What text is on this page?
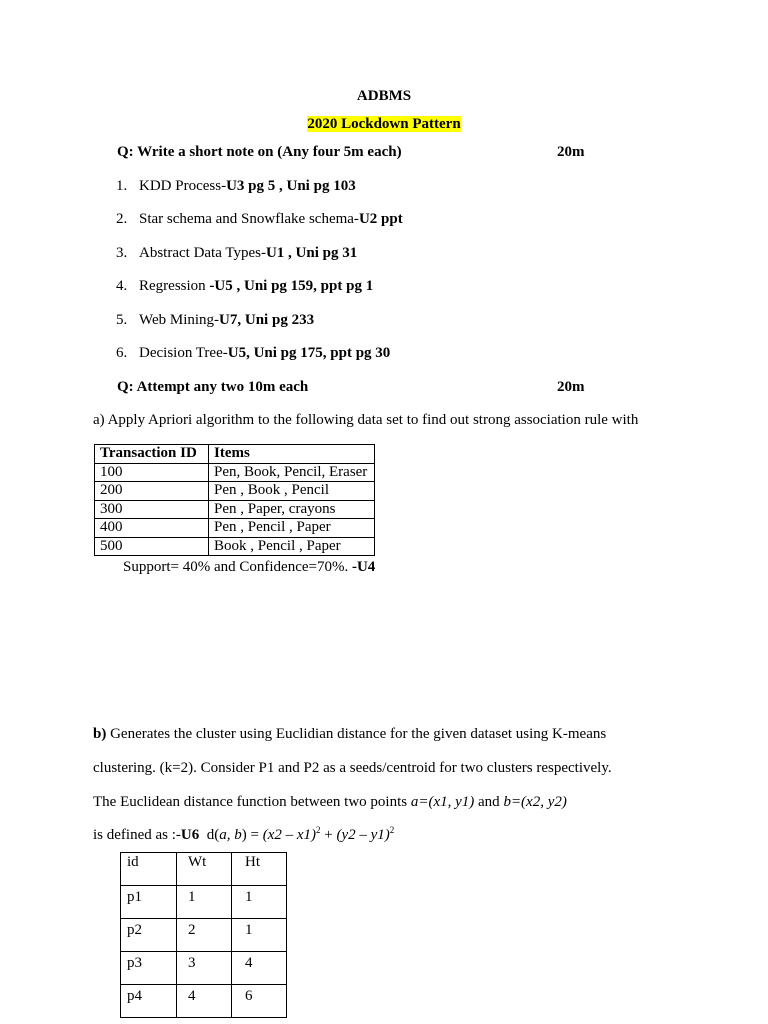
ADBMS
2020 Lockdown Pattern
Q: Write a short note on (Any four 5m each)	20m
1. KDD Process-U3 pg 5 , Uni pg 103
2. Star schema and Snowflake schema-U2 ppt
3. Abstract Data Types-U1 , Uni pg 31
4. Regression -U5 , Uni pg 159, ppt pg 1
5. Web Mining-U7, Uni pg 233
6. Decision Tree-U5, Uni pg 175, ppt pg 30
Q: Attempt any two 10m each	20m
a) Apply Apriori algorithm to the following data set to find out strong association rule with
Transaction ID	Items
100	Pen, Book, Pencil, Eraser
200	Pen , Book , Pencil
300	Pen , Paper, crayons
400	Pen , Pencil , Paper
500	Book , Pencil , Paper
Support= 40% and Confidence=70%. -U4
b) Generates the cluster using Euclidian distance for the given dataset using K-means
clustering. (k=2). Consider P1 and P2 as a seeds/centroid for two clusters respectively.
The Euclidean distance function between two points a=(x1, y1) and b=(x2, y2)
is defined as :-U6 d(a, b) = (x2 – x1)$^2$ + (y2 – y1)$^2$
id	Wt	Ht
p1	1	1
p2	2	1
p3	3	4
p4	4	6
